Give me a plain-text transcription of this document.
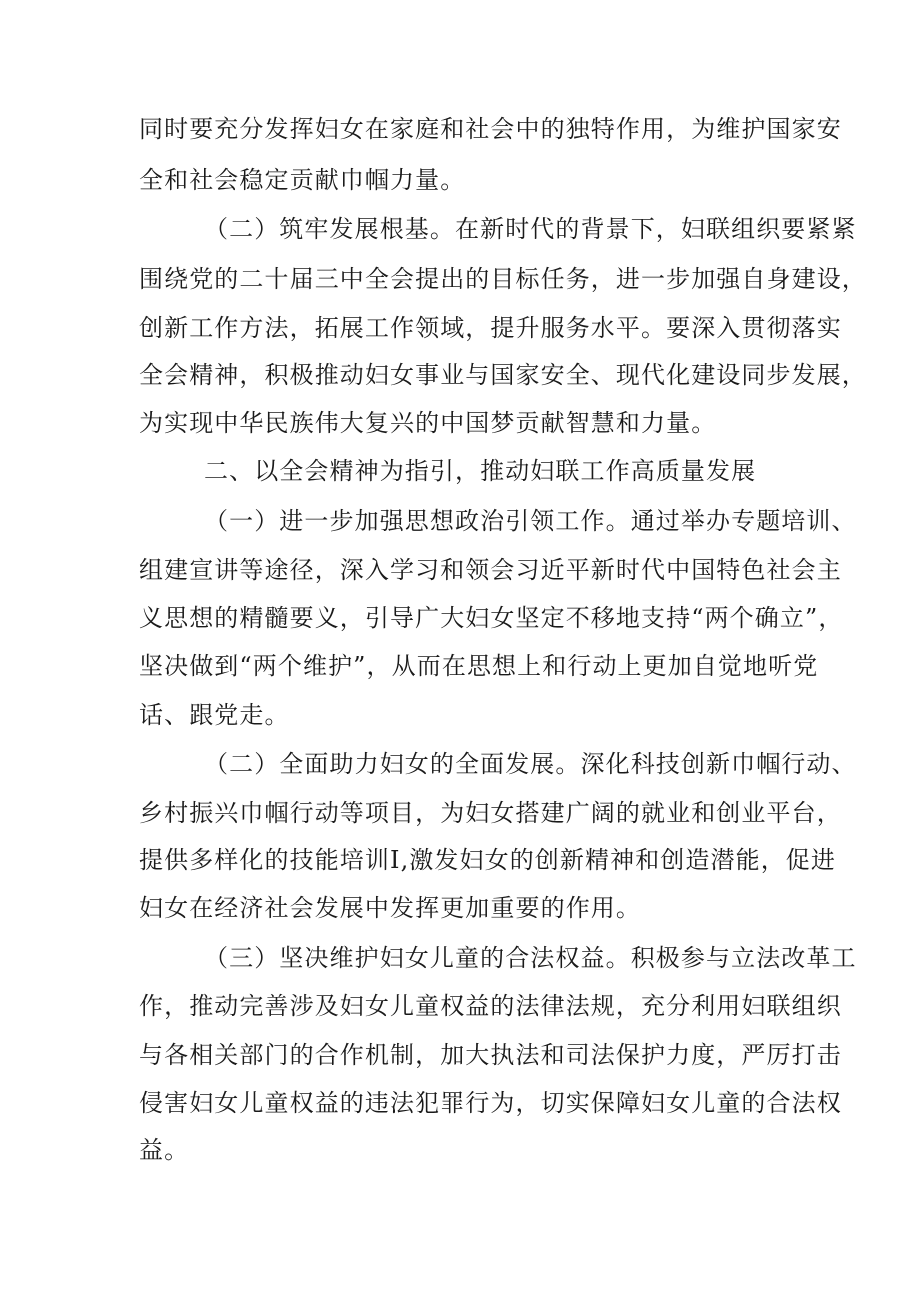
同时要充分发挥妇女在家庭和社会中的独特作用，为维护国家安

全和社会稳定贡献巾帼力量。

（二）筑牢发展根基。在新时代的背景下，妇联组织要紧紧

围绕党的二十届三中全会提出的目标任务，进一步加强自身建设，

创新工作方法，拓展工作领域，提升服务水平。要深入贯彻落实

全会精神，积极推动妇女事业与国家安全、现代化建设同步发展，

为实现中华民族伟大复兴的中国梦贡献智慧和力量。

二、以全会精神为指引，推动妇联工作高质量发展

（一）进一步加强思想政治引领工作。通过举办专题培训、

组建宣讲等途径，深入学习和领会习近平新时代中国特色社会主

义思想的精髓要义，引导广大妇女坚定不移地支持“两个确立”，

坚决做到“两个维护”，从而在思想上和行动上更加自觉地听党

话、跟党走。

（二）全面助力妇女的全面发展。深化科技创新巾帼行动、

乡村振兴巾帼行动等项目，为妇女搭建广阔的就业和创业平台，

提供多样化的技能培训I,激发妇女的创新精神和创造潜能，促进

妇女在经济社会发展中发挥更加重要的作用。

（三）坚决维护妇女儿童的合法权益。积极参与立法改革工

作，推动完善涉及妇女儿童权益的法律法规，充分利用妇联组织

与各相关部门的合作机制，加大执法和司法保护力度，严厉打击

侵害妇女儿童权益的违法犯罪行为，切实保障妇女儿童的合法权

益。
